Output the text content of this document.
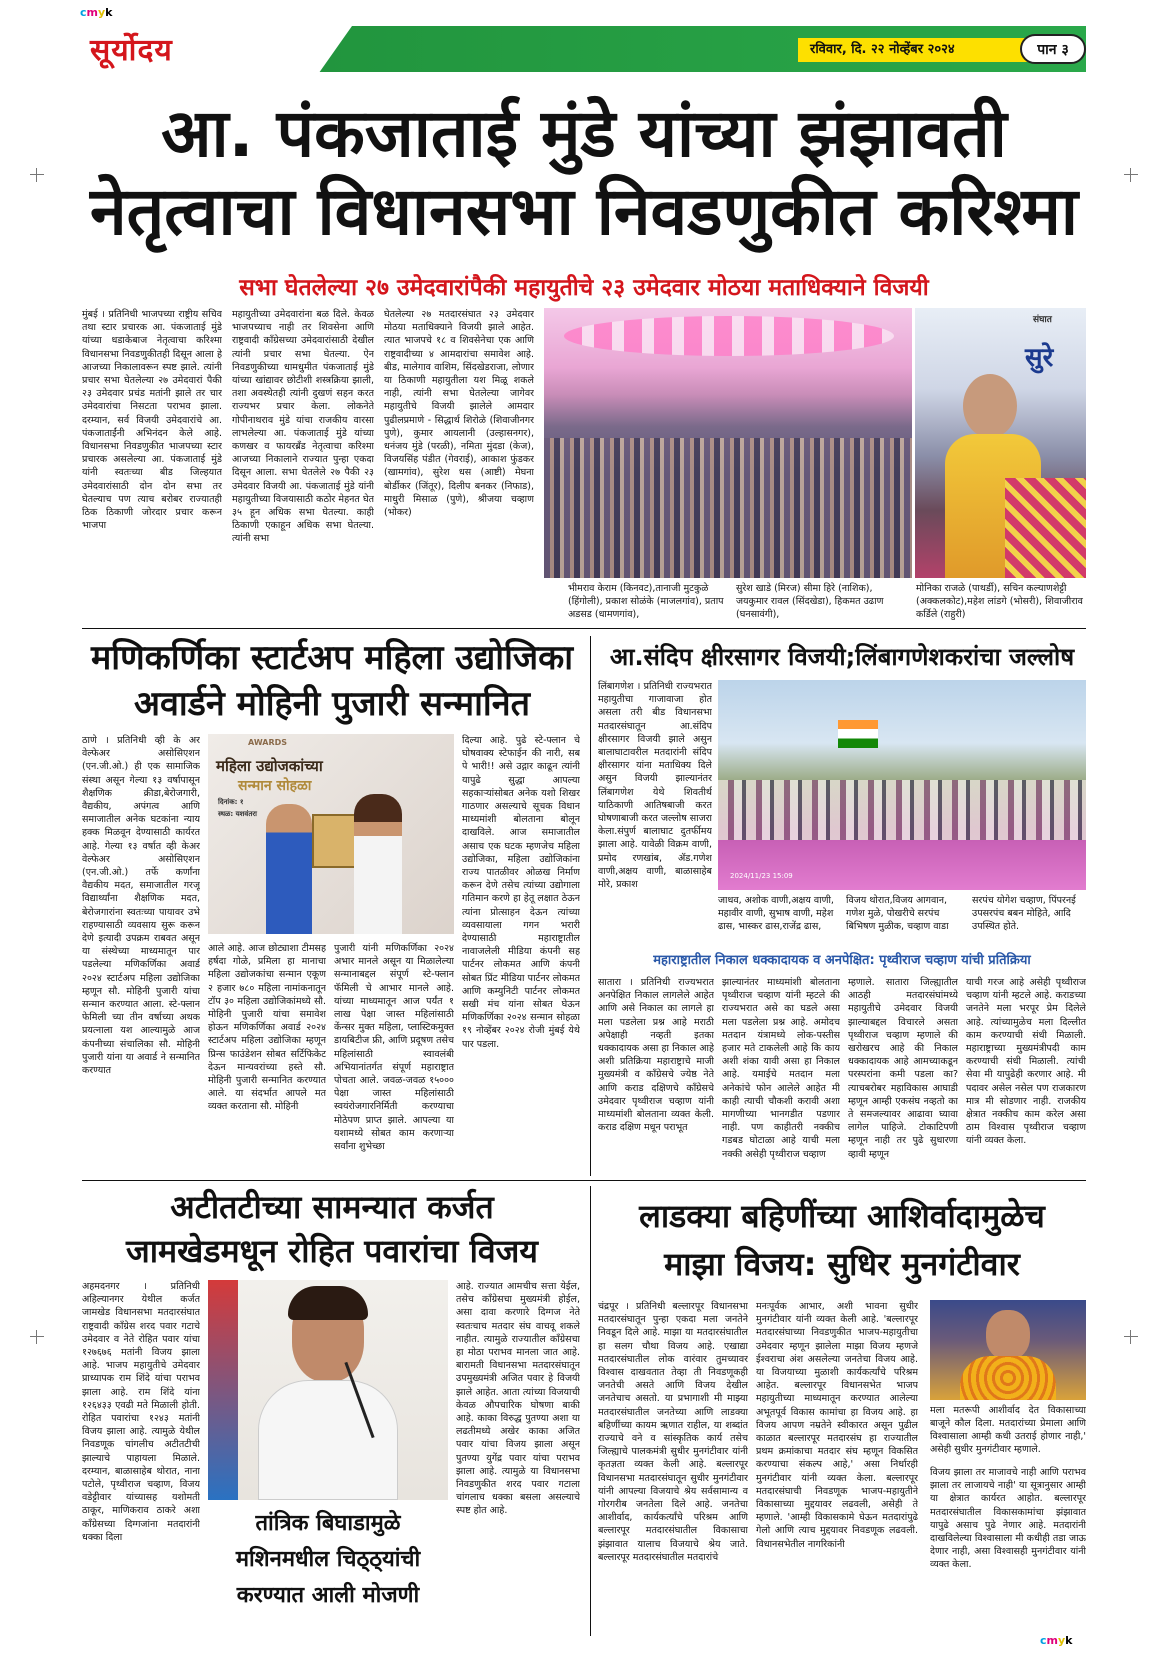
cmyk
cmyk
सूर्योदय	रविवार, दि. २२ नोव्हेंबर २०२४	पान ३
आ. पंकजाताई मुंडे यांच्या झंझावती
नेतृत्वाचा विधानसभा निवडणुकीत करिश्मा
सभा घेतलेल्या २७ उमेदवारांपैकी महायुतीचे २३ उमेदवार मोठया मताधिक्याने विजयी
मुंबई । प्रतिनिधी भाजपच्या राष्ट्रीय सचिव तथा स्टार प्रचारक आ. पंकजाताई मुंडे यांच्या धडाकेबाज नेतृत्वाचा करिश्मा विधानसभा निवडणुकीतही दिसून आला हे आजच्या निकालावरून स्पष्ट झाले. त्यांनी प्रचार सभा घेतलेल्या २७ उमेदवारां पैकी २३ उमेदवार प्रचंड मतांनी झाले तर चार उमेदवारांचा निसटता पराभव झाला. दरम्यान, सर्व विजयी उमेदवारांचे आ. पंकजाताईंनी अभिनंदन केले आहे. विधानसभा निवडणुकीत भाजपच्या स्टार प्रचारक असलेल्या आ. पंकजाताई मुंडे यांनी स्वतःच्या बीड जिल्हयात उमेदवारांसाठी दोन दोन सभा तर घेतल्याच पण त्याच बरोबर राज्यातही ठिक ठिकाणी जोरदार प्रचार करून भाजपा
महायुतीच्या उमेदवारांना बळ दिले. केवळ भाजपच्याच नाही तर शिवसेना आणि राष्ट्रवादी काँग्रेसच्या उमेदवारांसाठी देखील त्यांनी प्रचार सभा घेतल्या. ऐन निवडणुकीच्या धामधुमीत पंकजाताई मुंडे यांच्या खांद्यावर छोटीशी शस्त्रक्रिया झाली, तशा अवस्थेतही त्यांनी दुखणं सहन करत राज्यभर प्रचार केला. लोकनेते गोपीनाथराव मुंडे यांचा राजकीय वारसा लाभलेल्या आ. पंकजाताई मुंडे यांच्या कणखर व फायरब्रँड नेतृत्वाचा करिश्मा आजच्या निकालाने राज्यात पुन्हा एकदा दिसून आला. सभा घेतलेले २७ पैकी २३ उमेदवार विजयी आ. पंकजाताई मुंडे यांनी महायुतीच्या विजयासाठी कठोर मेहनत घेत ३५ हून अधिक सभा घेतल्या. काही ठिकाणी एकाहून अधिक सभा घेतल्या. त्यांनी सभा
घेतलेल्या २७ मतदारसंघात २३ उमेदवार मोठया मताधिक्याने विजयी झाले आहेत. त्यात भाजपचे १८ व शिवसेनेचा एक आणि राष्ट्रवादीच्या ४ आमदारांचा समावेश आहे. बीड, मालेगाव वाशिम, सिंदखेडराजा, लोणार या ठिकाणी महायुतीला यश मिळू शकले नाही, त्यांनी सभा घेतलेल्या जागेवर महायुतीचे विजयी झालेले आमदार पुढीलप्रमाणे - सिद्धार्थ शिरोळे (शिवाजीनगर पुणे), कुमार आयलानी (उल्हासनगर), धनंजय मुंडे (परळी), नमिता मुंदडा (केज), विजयसिंह पंडीत (गेवराई), आकाश फुंडकर (खामगांव), सुरेश धस (आष्टी) मेघना बोर्डीकर (जिंतूर), दिलीप बनकर (निफाड), माधुरी मिसाळ (पुणे), श्रीजया चव्हाण (भोकर)
सुरे
संघात
भीमराव केराम (किनवट),तानाजी मुटकुळे (हिंगोली), प्रकाश सोळंके (माजलगांव), प्रताप अडसड (धामणगांव),
सुरेश खाडे (मिरज) सीमा हिरे (नाशिक), जयकुमार रावल (सिंदखेडा), हिकमत उढाण (घनसावंगी),
मोनिका राजळे (पाथर्डी), सचिन कल्याणशेट्टी (अक्कलकोट),महेश लांडगे (भोसरी), शिवाजीराव कर्डिले (राहुरी)
मणिकर्णिका स्टार्टअप महिला उद्योजिका
अवार्डने मोहिनी पुजारी सन्मानित
ठाणे । प्रतिनिधी व्ही के अर वेल्फेअर असोसिएशन (एन.जी.ओ.) ही एक सामाजिक संस्था असून गेल्या १३ वर्षापासून शैक्षणिक क्रीडा,बेरोजगारी, वैद्यकीय, अपंगत्व आणि समाजातील अनेक घटकांना न्याय हक्क मिळवून देण्यासाठी कार्यरत आहे. गेल्या १३ वर्षात व्ही केअर वेल्फेअर असोसिएशन (एन.जी.ओ.) तर्फे कर्णांना वैद्यकीय मदत, समाजातील गरजू विद्यार्थ्यांना शैक्षणिक मदत, बेरोजगारांना स्वतःच्या पायावर उभे राहण्यासाठी व्यवसाय सुरू करून देणे इत्यादी उपक्रम राबवत असून या संस्थेच्या माध्यमातून पार पडलेल्या मणिकर्णिका अवार्ड २०२४ स्टार्टअप महिला उद्योजिका म्हणून सौ. मोहिनी पुजारी यांचा सन्मान करण्यात आला. स्टे-फ्लान फेमिली च्या तीन वर्षाच्या अथक प्रयत्नाला यश आल्यामुळे आज कंपनीच्या संचालिका सौ. मोहिनी पुजारी यांना या अवार्ड ने सन्मानित करण्यात
AWARDS
महिला उद्योजकांच्या
सन्मान सोहळा
दिनांक: १
स्थळ: यशवंतरा
आले आहे. आज छोट्याशा टीमसह हर्षदा गोळे, प्रमिला हा मानाचा महिला उद्योजकांचा सन्मान एकूण २ हजार ७८० महिला नामांकनातून टॉप ३० महिला उद्योजिकांमध्ये सौ. मोहिनी पुजारी यांचा समावेश होऊन मणिकर्णिका अवार्ड २०२४ स्टार्टअप महिला उद्योजिका म्हणून प्रिन्स फाउंडेशन सोबत सर्टिफिकेट देऊन मान्यवरांच्या हस्ते सौ. मोहिनी पुजारी सन्मानित करण्यात आले. या संदर्भात आपले मत व्यक्त करताना सौ. मोहिनी
पुजारी यांनी मणिकर्णिका २०२४ अभार मानले असून या मिळालेल्या सन्मानाबद्दल संपूर्ण स्टे-फ्लान फॅमिली चे आभार मानले आहे. यांच्या माध्यमातून आज पर्यंत १ लाख पेक्षा जास्त महिलांसाठी केंन्सर मुक्त महिला, प्लास्टिकमुक्त डायबिटीज फ्री, आणि प्रदूषण तसेच महिलांसाठी स्वावलंबी अभियानांतर्गत संपूर्ण महाराष्ट्रात पोचता आले. जवळ-जवळ १५००० पेक्षा जास्त महिलांसाठी स्वयंरोजगारनिर्मिती करण्याचा मोठेपण प्राप्त झाले. आपल्या या यशामध्ये सोबत काम करणाऱ्या सर्वांना शुभेच्छा
दिल्या आहे. पुढे स्टे-फ्लान चे घोषवाक्य स्टेफाईन की नारी, सब पे भारी!! असे उद्गार काढून त्यांनी यापुढे सुद्धा आपल्या सहकाऱ्यांसोबत अनेक यशो शिखर गाठणार असल्याचे सूचक विधान माध्यमांशी बोलताना बोलून दाखविले. आज समाजातील असाच एक घटक म्हणजेच महिला उद्योजिका, महिला उद्योजिकांना राज्य पातळीवर ओळख निर्माण करून देणे तसेच त्यांच्या उद्योगाला गतिमान करणे हा हेतू लक्षात ठेऊन त्यांना प्रोत्साहन देऊन त्यांच्या व्यवसायाला गगन भरारी देण्यासाठी महाराष्ट्रातील नावाजलेली मीडिया कंपनी सह पार्टनर लोकमत आणि कंपनी सोबत प्रिंट मीडिया पार्टनर लोकमत आणि कम्युनिटी पार्टनर लोकमत सखी मंच यांना सोबत घेऊन मणिकर्णिका २०२४ सन्मान सोहळा १९ नोव्हेंबर २०२४ रोजी मुंबई येथे पार पडला.
आ.संदिप क्षीरसागर विजयी;लिंबागणेशकरांचा जल्लोष
लिंबागणेश । प्रतिनिधी राज्यभरात महायुतीचा गाजावाजा होत असला तरी बीड विधानसभा मतदारसंघातून आ.संदिप क्षीरसागर विजयी झाले असुन बालाघाटावरील मतदारांनी संदिप क्षीरसागर यांना मताधिक्य दिले असुन विजयी झाल्यानंतर लिंबागणेश येथे शिवतीर्थ याठिकाणी आतिषबाजी करत घोषणाबाजी करत जल्लोष साजरा केला.संपुर्ण बालाघाट दुतर्फीमय झाला आहे. यावेळी विक्रम वाणी, प्रमोद रणखांब, ॲड.गणेश वाणी,अक्षय वाणी, बाळासाहेब मोरे, प्रकाश
2024/11/23 15:09
जाधव, अशोक वाणी,अक्षय वाणी, महावीर वाणी, सुभाष वाणी, महेश ढास, भास्कर ढास,राजेंद्र ढास,
विजय थोरात,विजय आगवान, गणेश मुळे, पोखरीचे सरपंच बिभिषण मुळीक, चव्हाण वाडा
सरपंच योगेश चव्हाण, पिंपरनई उपसरपंच बबन मोहिते, आदि उपस्थित होते.
महाराष्ट्रातील निकाल धक्कादायक व अनपेक्षित: पृथ्वीराज चव्हाण यांची प्रतिक्रिया
सातारा । प्रतिनिधी राज्यभरात अनपेक्षित निकाल लागलेले आहेत आणि असे निकाल का लागले हा मला पडलेला प्रश्न आहे मराठी अपेक्षाही नव्हती इतका धक्कादायक असा हा निकाल आहे अशी प्रतिक्रिया महाराष्ट्राचे माजी मुख्यमंत्री व काँग्रेसचे ज्येष्ठ नेते आणि कराड दक्षिणचे काँग्रेसचे उमेदवार पृथ्वीराज चव्हाण यांनी माध्यमांशी बोलताना व्यक्त केली. कराड दक्षिण मधून पराभूत
झाल्यानंतर माध्यमांशी बोलताना पृथ्वीराज चव्हाण यांनी म्हटले की राज्यभरात असे का घडले असा मला पडलेला प्रश्न आहे. अमोदच मतदान यंत्रामध्ये लोक-पस्तीस हजार मते टाकलेली आहे कि काय अशी शंका यावी असा हा निकाल आहे. यमाईचे मतदान मला अनेकांचे फोन आलेले आहेत मी काही त्याची चौकशी करावी अशा मागणीच्या भानगडीत पडणार नाही. पण काहीतरी नक्कीच गडबड घोटाळा आहे याची मला नक्की असेही पृथ्वीराज चव्हाण
म्हणाले. सातारा जिल्ह्यातील आठही मतदारसंघांमध्ये महायुतीचे उमेदवार विजयी झाल्याबद्दल विचारले असता पृथ्वीराज चव्हाण म्हणाले की खरोखरच आहे की निकाल धक्कादायक आहे आमच्याकडून परस्परांना कमी पडला का? त्याचबरोबर महाविकास आघाडी म्हणून आम्ही एकसंघ नव्हतो का ते समजल्यावर आढावा घ्यावा लागेल पाहिजे. टोकाटिपणी म्हणून नाही तर पुढे सुधारणा व्हावी म्हणून
याची गरज आहे असेही पृथ्वीराज चव्हाण यांनी म्हटले आहे. कराडच्या जनतेने मला भरपूर प्रेम दिलेले आहे. त्यांच्यामुळेच मला दिल्लीत काम करण्याची संधी मिळाली. महाराष्ट्राच्या मुख्यमंत्रीपदी काम करण्याची संधी मिळाली. त्यांची सेवा मी यापुढेही करणार आहे. मी पदावर असेल नसेल पण राजकारण मात्र मी सोडणार नाही. राजकीय क्षेत्रात नक्कीच काम करेल असा ठाम विश्वास पृथ्वीराज चव्हाण यांनी व्यक्त केला.
अटीतटीच्या सामन्यात कर्जत
जामखेडमधून रोहित पवारांचा विजय
अहमदनगर । प्रतिनिधी अहिल्यानगर येथील कर्जत जामखेड विधानसभा मतदारसंघात राष्ट्रवादी काँग्रेस शरद पवार गटाचे उमेदवार व नेते रोहित पवार यांचा १२७६७६ मतांनी विजय झाला आहे. भाजप महायुतीचे उमेदवार प्राध्यापक राम शिंदे यांचा पराभव झाला आहे. राम शिंदे यांना १२६४३३ एवढी मते मिळाली होती. रोहित पवारांचा १२४३ मतांनी विजय झाला आहे. त्यामुळे येथील निवडणूक चांगलीच अटीतटीची झाल्याचे पाहायला मिळाले. दरम्यान, बाळासाहेब थोरात, नाना पटोले, पृथ्वीराज चव्हाण, विजय वडेट्टीवार यांच्यासह यशोमती ठाकूर, माणिकराव ठाकरे अशा काँग्रेसच्या दिग्गजांना मतदारांनी धक्का दिला
आहे. राज्यात आमचीच सत्ता येईल, तसेच काँग्रेसचा मुख्यमंत्री होईल, असा दावा करणारे दिग्गज नेते स्वतःचाच मतदार संघ वाचवू शकले नाहीत. त्यामुळे राज्यातील काँग्रेसचा हा मोठा पराभव मानला जात आहे. बारामती विधानसभा मतदारसंघातून उपमुख्यमंत्री अजित पवार हे विजयी झाले आहेत. आता त्यांच्या विजयाची केवळ औपचारिक घोषणा बाकी आहे. काका विरुद्ध पुतण्या अशा या लढतीमध्ये अखेर काका अजित पवार यांचा विजय झाला असून पुतण्या युगेंद्र पवार यांचा पराभव झाला आहे. त्यामुळे या विधानसभा निवडणुकीत शरद पवार गटाला चांगलाच धक्का बसला असल्याचे स्पष्ट होत आहे.
तांत्रिक बिघाडामुळे
मशिनमधील चिठ्ठ्यांची
करण्यात आली मोजणी
लाडक्या बहिणींच्या आशिर्वादामुळेच
माझा विजय: सुधिर मुनगंटीवार
चंद्रपूर । प्रतिनिधी बल्लारपूर विधानसभा मतदारसंघातून पुन्हा एकदा मला जनतेने निवडून दिले आहे. माझा या मतदारसंघातील हा सलग चौथा विजय आहे. एखाद्या मतदारसंघातील लोक वारंवार तुमच्यावर विश्वास दाखवतात तेव्हा ती निवडणूकही जनतेची असते आणि विजय देखील जनतेचाच असतो. या प्रभागाशी मी माझ्या मतदारसंघातील जनतेच्या आणि लाडक्या बहिणींच्या कायम ऋणात राहील, या शब्दांत राज्याचे वने व सांस्कृतिक कार्य तसेच जिल्ह्याचे पालकमंत्री सुधीर मुनगंटीवार यांनी कृतज्ञता व्यक्त केली आहे. बल्लारपूर विधानसभा मतदारसंघातून सुधीर मुनगंटीवार यांनी आपल्या विजयाचे श्रेय सर्वसामान्य व गोरगरीब जनतेला दिले आहे. जनतेचा आशीर्वाद, कार्यकर्त्यांचे परिश्रम आणि बल्लारपूर मतदारसंघातील विकासाचा झंझावात यालाच विजयाचे श्रेय जाते. बल्लारपूर मतदारसंघातील मतदारांचे
मनःपूर्वक आभार, अशी भावना सुधीर मुनगंटीवार यांनी व्यक्त केली आहे. 'बल्लारपूर मतदारसंघाच्या निवडणुकीत भाजप-महायुतीचा उमेदवार म्हणून झालेला माझा विजय म्हणजे ईश्वराचा अंश असलेल्या जनतेचा विजय आहे. या विजयाच्या मुळाशी कार्यकर्त्यांचे परिश्रम आहेत. बल्लारपूर विधानसभेत भाजप महायुतीच्या माध्यमातून करण्यात आलेल्या अभूतपूर्व विकास कामांचा हा विजय आहे. हा विजय आपण नम्रतेने स्वीकारत असून पुढील काळात बल्लारपूर मतदारसंघ हा राज्यातील प्रथम क्रमांकाचा मतदार संघ म्हणून विकसित करण्याचा संकल्प आहे,' असा निर्धारही मुनगंटीवार यांनी व्यक्त केला. बल्लारपूर मतदारसंघाची निवडणूक भाजप-महायुतीने विकासाच्या मुद्दयावर लढवली, असेही ते म्हणाले. 'आम्ही विकासकामे घेऊन मतदारांपुढे गेलो आणि त्याच मुद्दयावर निवडणूक लढवली. विधानसभेतील नागरिकांनी
मला मतरूपी आशीर्वाद देत विकासाच्या बाजूने कौल दिला. मतदारांच्या प्रेमाला आणि विश्वासाला आम्ही कधी उतराई होणार नाही,' असेही सुधीर मुनगंटीवार म्हणाले.
विजय झाला तर माजावचे नाही आणि पराभव झाला तर लाजायचे नाही' या सूत्रानुसार आम्ही या क्षेत्रात कार्यरत आहोत. बल्लारपूर मतदारसंघातील विकासकामांचा झंझावात यापुढे असाच पुढे नेणार आहे. मतदारांनी दाखविलेल्या विश्वासाला मी कधीही तडा जाऊ देणार नाही, असा विश्वासही मुनगंटीवार यांनी व्यक्त केला.
